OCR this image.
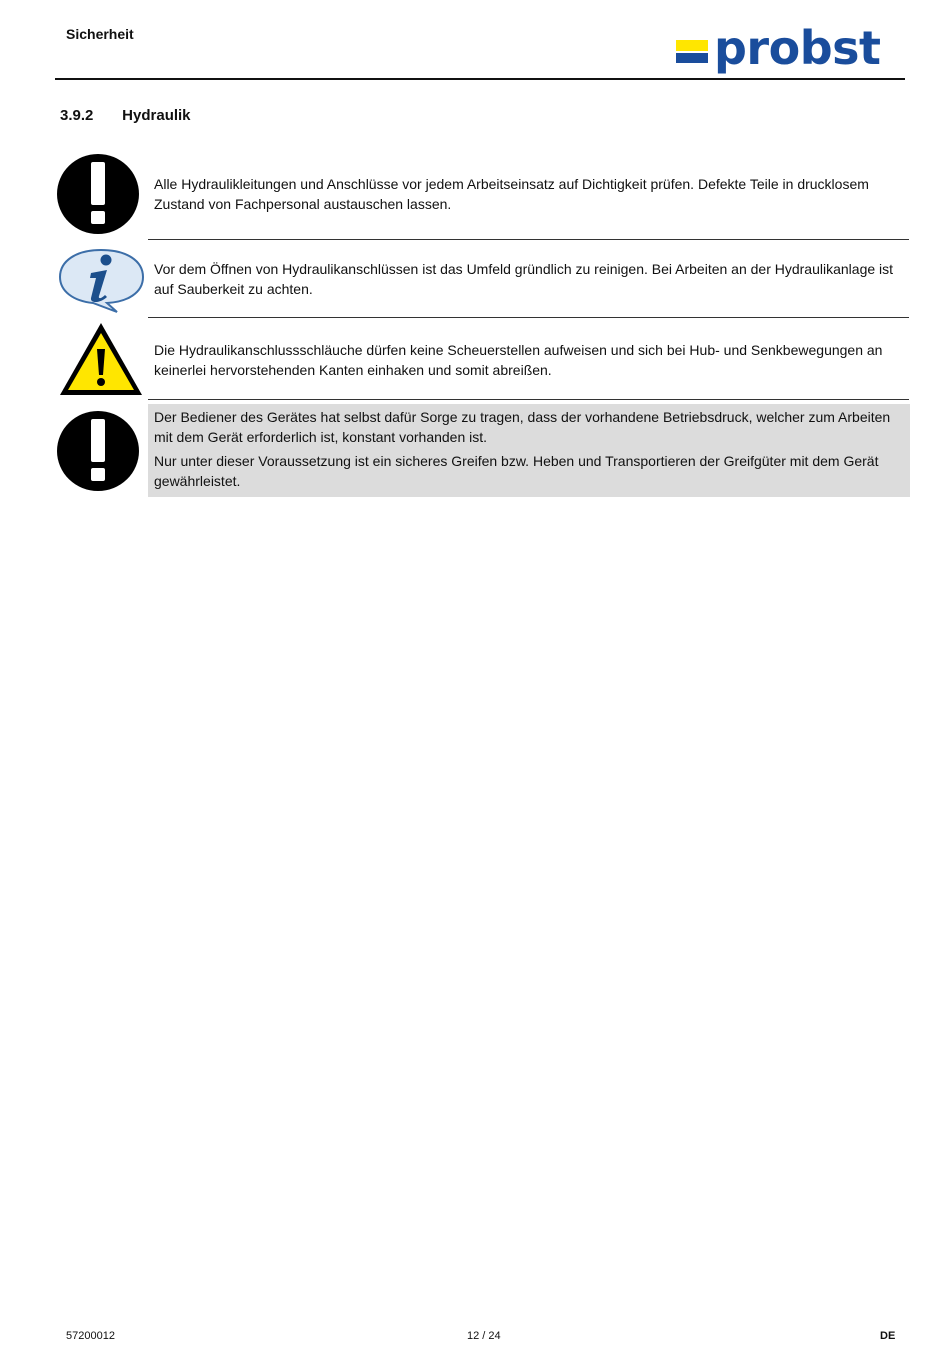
Sicherheit	probst
3.9.2 Hydraulik
Alle Hydraulikleitungen und Anschlüsse vor jedem Arbeitseinsatz auf Dichtigkeit prüfen. Defekte Teile in drucklosem Zustand von Fachpersonal austauschen lassen.
Vor dem Öffnen von Hydraulikanschlüssen ist das Umfeld gründlich zu reinigen. Bei Arbeiten an der Hydraulikanlage ist auf Sauberkeit zu achten.
Die Hydraulikanschlussschläuche dürfen keine Scheuerstellen aufweisen und sich bei Hub- und Senkbewegungen an keinerlei hervorstehenden Kanten einhaken und somit abreißen.
Der Bediener des Gerätes hat selbst dafür Sorge zu tragen, dass der vorhandene Betriebsdruck, welcher zum Arbeiten mit dem Gerät erforderlich ist, konstant vorhanden ist.
Nur unter dieser Voraussetzung ist ein sicheres Greifen bzw. Heben und Transportieren der Greifgüter mit dem Gerät gewährleistet.
57200012	12 / 24	DE
